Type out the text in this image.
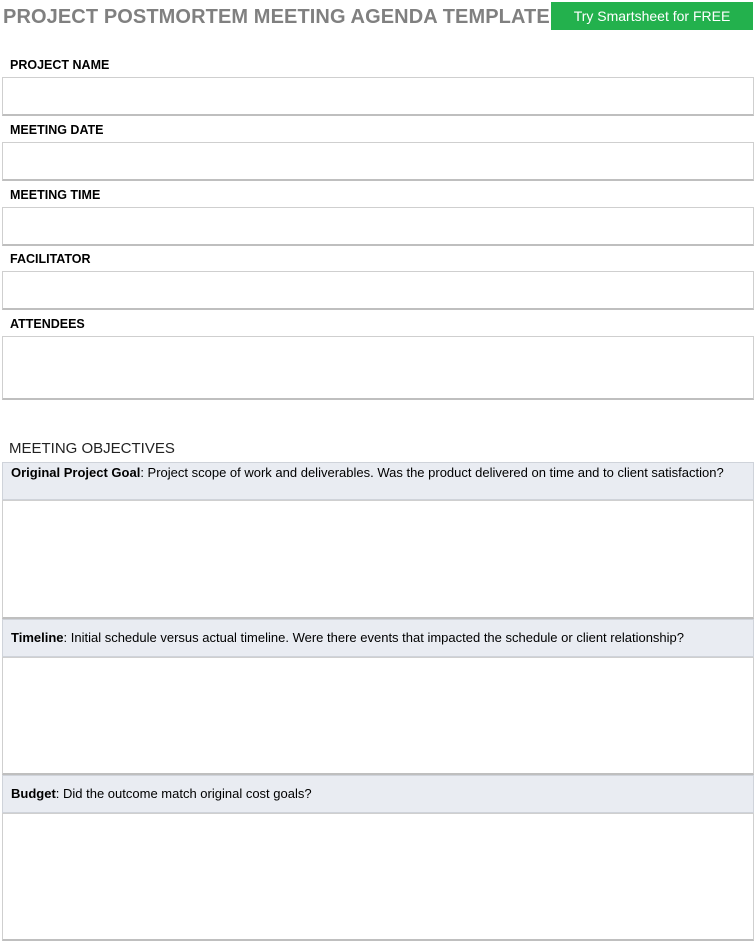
PROJECT POSTMORTEM MEETING AGENDA TEMPLATE	Try Smartsheet for FREE
PROJECT NAME
MEETING DATE
MEETING TIME
FACILITATOR
ATTENDEES
MEETING OBJECTIVES
Original Project Goal: Project scope of work and deliverables. Was the product delivered on time and to client satisfaction?
Timeline: Initial schedule versus actual timeline. Were there events that impacted the schedule or client relationship?
Budget: Did the outcome match original cost goals?
